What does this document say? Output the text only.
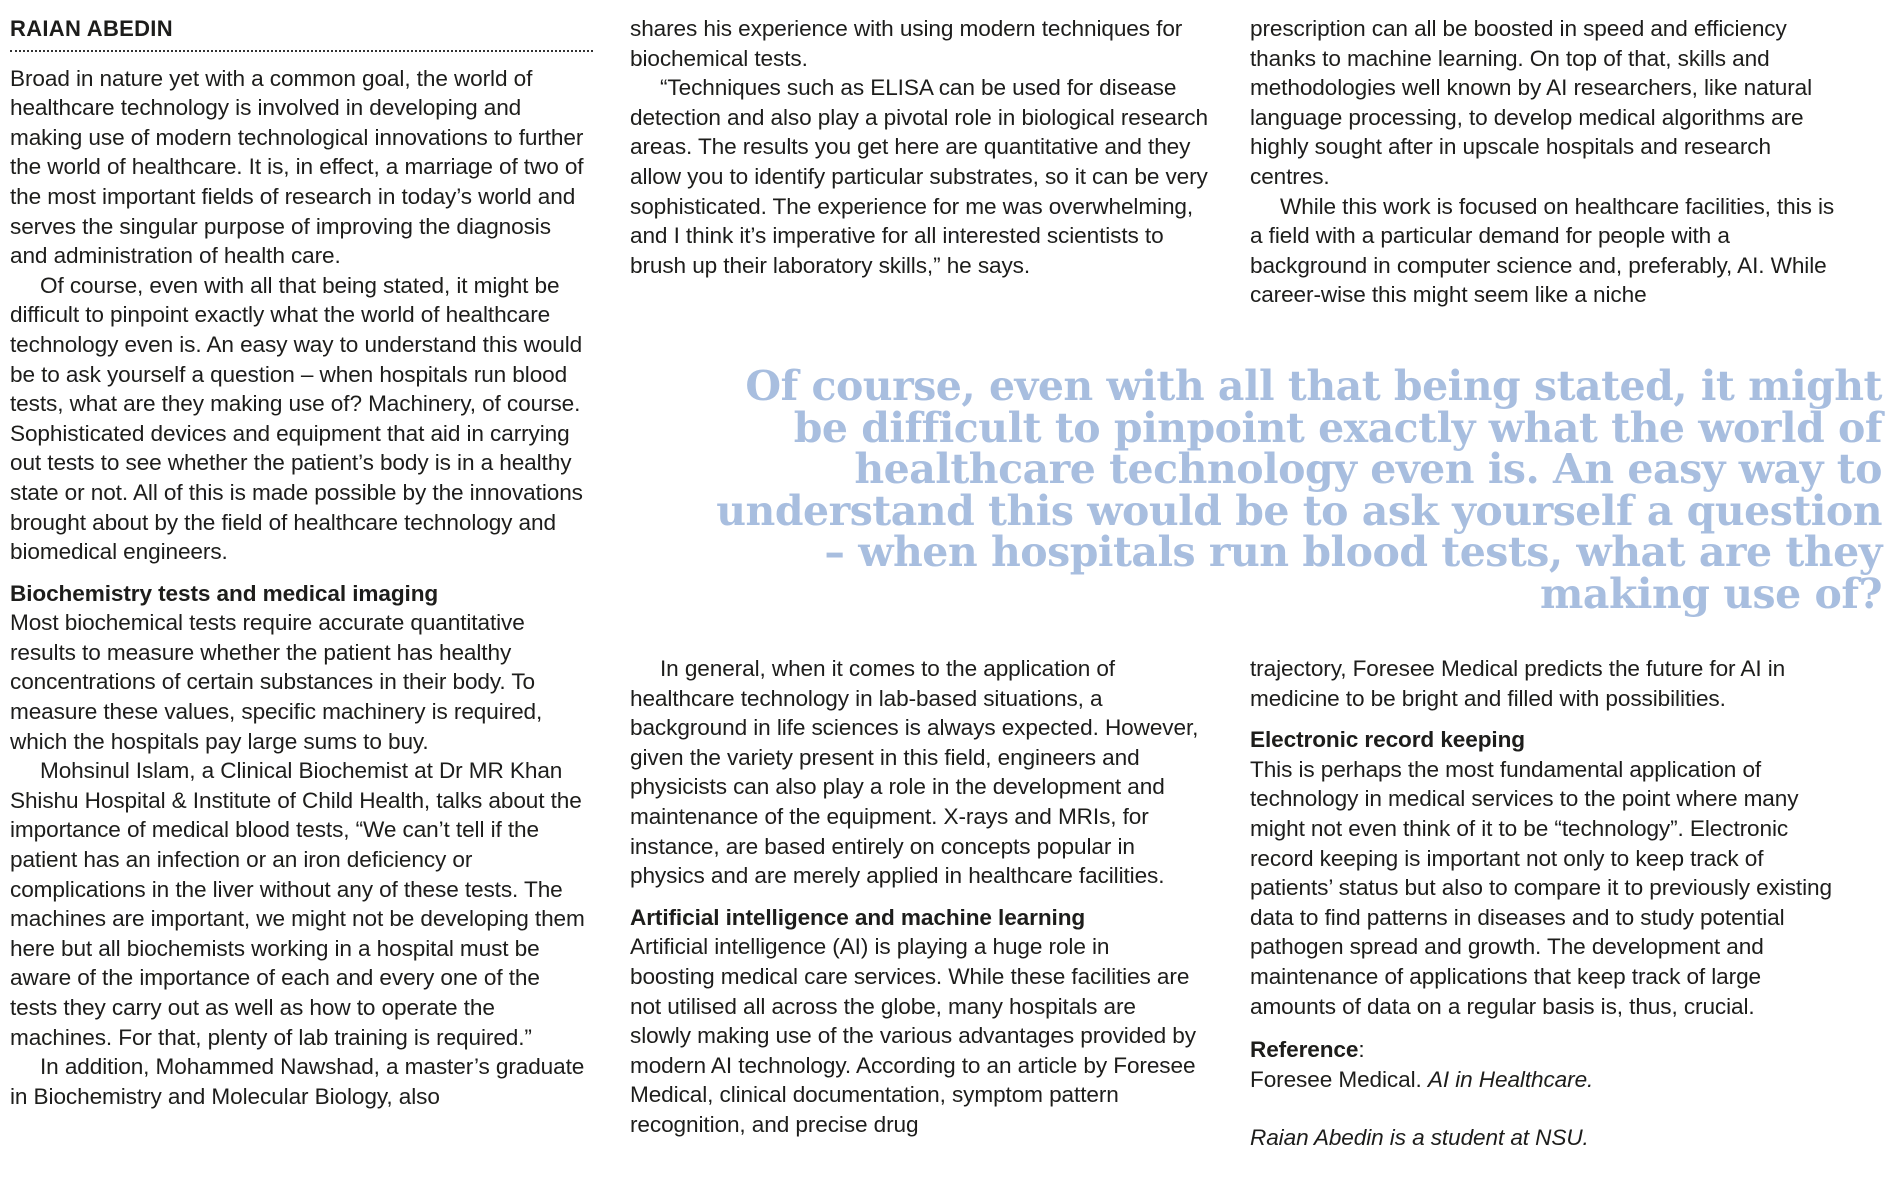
RAIAN ABEDIN

Broad in nature yet with a common goal, the world of healthcare technology is involved in developing and making use of modern technological innovations to further the world of healthcare. It is, in effect, a marriage of two of the most important fields of research in today’s world and serves the singular purpose of improving the diagnosis and administration of health care.

Of course, even with all that being stated, it might be difficult to pinpoint exactly what the world of healthcare technology even is. An easy way to understand this would be to ask yourself a question – when hospitals run blood tests, what are they making use of? Machinery, of course. Sophisticated devices and equipment that aid in carrying out tests to see whether the patient’s body is in a healthy state or not. All of this is made possible by the innovations brought about by the field of healthcare technology and biomedical engineers.

Biochemistry tests and medical imaging

Most biochemical tests require accurate quantitative results to measure whether the patient has healthy concentrations of certain substances in their body. To measure these values, specific machinery is required, which the hospitals pay large sums to buy.

Mohsinul Islam, a Clinical Biochemist at Dr MR Khan Shishu Hospital & Institute of Child Health, talks about the importance of medical blood tests, “We can’t tell if the patient has an infection or an iron deficiency or complications in the liver without any of these tests. The machines are important, we might not be developing them here but all biochemists working in a hospital must be aware of the importance of each and every one of the tests they carry out as well as how to operate the machines. For that, plenty of lab training is required.”

In addition, Mohammed Nawshad, a master’s graduate in Biochemistry and Molecular Biology, also

shares his experience with using modern techniques for biochemical tests.

“Techniques such as ELISA can be used for disease detection and also play a pivotal role in biological research areas. The results you get here are quantitative and they allow you to identify particular substrates, so it can be very sophisticated. The experience for me was overwhelming, and I think it’s imperative for all interested scientists to brush up their laboratory skills,” he says.

prescription can all be boosted in speed and efficiency thanks to machine learning. On top of that, skills and methodologies well known by AI researchers, like natural language processing, to develop medical algorithms are highly sought after in upscale hospitals and research centres.

While this work is focused on healthcare facilities, this is a field with a particular demand for people with a background in computer science and, preferably, AI. While career-wise this might seem like a niche

Of course, even with all that being stated, it might be difficult to pinpoint exactly what the world of healthcare technology even is. An easy way to understand this would be to ask yourself a question – when hospitals run blood tests, what are they making use of?

In general, when it comes to the application of healthcare technology in lab-based situations, a background in life sciences is always expected. However, given the variety present in this field, engineers and physicists can also play a role in the development and maintenance of the equipment. X-rays and MRIs, for instance, are based entirely on concepts popular in physics and are merely applied in healthcare facilities.

Artificial intelligence and machine learning

Artificial intelligence (AI) is playing a huge role in boosting medical care services. While these facilities are not utilised all across the globe, many hospitals are slowly making use of the various advantages provided by modern AI technology. According to an article by Foresee Medical, clinical documentation, symptom pattern recognition, and precise drug

trajectory, Foresee Medical predicts the future for AI in medicine to be bright and filled with possibilities.

Electronic record keeping

This is perhaps the most fundamental application of technology in medical services to the point where many might not even think of it to be “technology”. Electronic record keeping is important not only to keep track of patients’ status but also to compare it to previously existing data to find patterns in diseases and to study potential pathogen spread and growth. The development and maintenance of applications that keep track of large amounts of data on a regular basis is, thus, crucial.

Reference:
Foresee Medical. AI in Healthcare.
Raian Abedin is a student at NSU.
